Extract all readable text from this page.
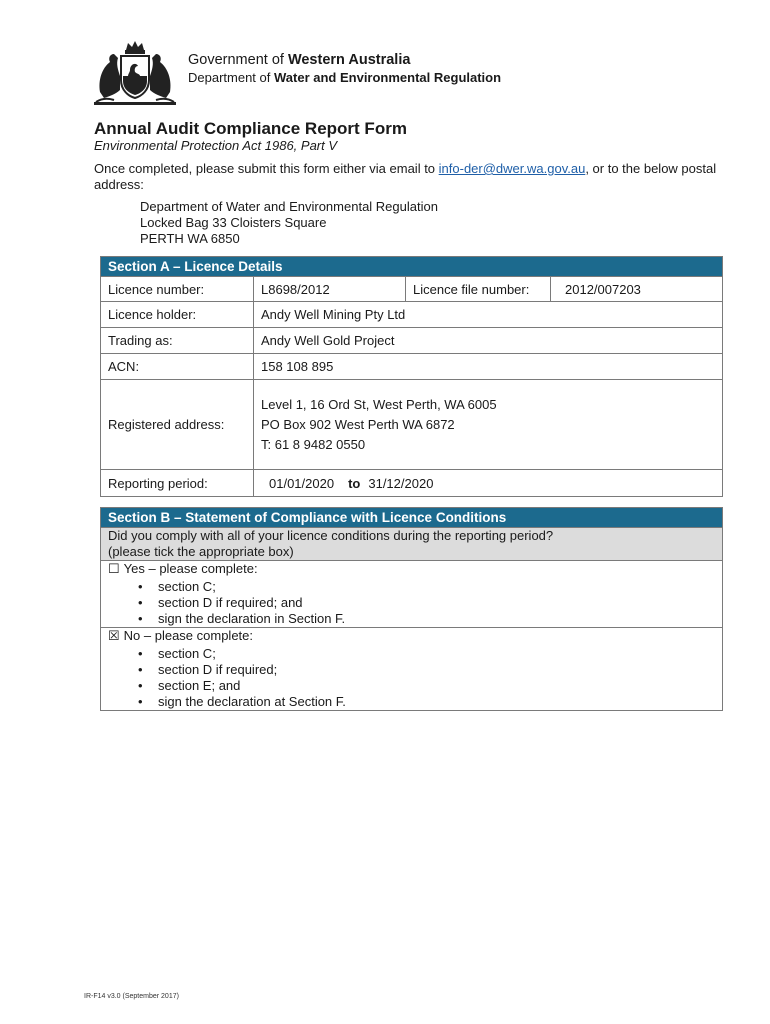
Government of Western Australia
Department of Water and Environmental Regulation
Annual Audit Compliance Report Form
Environmental Protection Act 1986, Part V
Once completed, please submit this form either via email to info-der@dwer.wa.gov.au, or to the below postal address:
Department of Water and Environmental Regulation
Locked Bag 33 Cloisters Square
PERTH WA 6850
Section A – Licence Details			
Licence number:	L8698/2012	Licence file number:	2012/007203
Licence holder:	Andy Well Mining Pty Ltd		
Trading as:	Andy Well Gold Project		
ACN:	158 108 895		
Registered address:	Level 1, 16 Ord St, West Perth, WA 6005
PO Box 902 West Perth WA 6872
T: 61 8 9482 0550		

Reporting period:	01/01/2020 to 31/12/2020		
Section B – Statement of Compliance with Licence Conditions

Did you comply with all of your licence conditions during the reporting period?
(please tick the appropriate box)

☐ Yes – please complete:
• section C;
• section D if required; and
• sign the declaration in Section F.

☒ No – please complete:
• section C;
• section D if required;
• section E; and
• sign the declaration at Section F.
IR-F14 v3.0 (September 2017)
